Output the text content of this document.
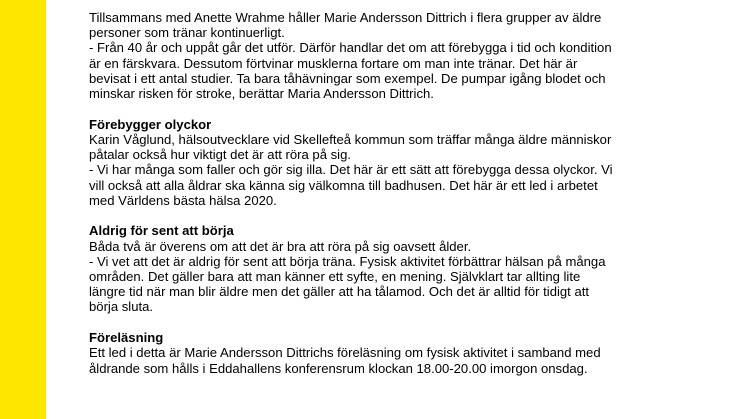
Tillsammans med Anette Wrahme håller Marie Andersson Dittrich i flera grupper av äldre

personer som tränar kontinuerligt.

- Från 40 år och uppåt går det utför. Därför handlar det om att förebygga i tid och kondition

är en färskvara. Dessutom förtvinar musklerna fortare om man inte tränar. Det här är

bevisat i ett antal studier. Ta bara tåhävningar som exempel. De pumpar igång blodet och

minskar risken för stroke, berättar Maria Andersson Dittrich.

Förebygger olyckor

Karin Våglund, hälsoutvecklare vid Skellefteå kommun som träffar många äldre människor

påtalar också hur viktigt det är att röra på sig.

- Vi har många som faller och gör sig illa. Det här är ett sätt att förebygga dessa olyckor. Vi

vill också att alla åldrar ska känna sig välkomna till badhusen. Det här är ett led i arbetet

med Världens bästa hälsa 2020.

Aldrig för sent att börja

Båda två är överens om att det är bra att röra på sig oavsett ålder.

- Vi vet att det är aldrig för sent att börja träna. Fysisk aktivitet förbättrar hälsan på många

områden. Det gäller bara att man känner ett syfte, en mening. Självklart tar allting lite

längre tid när man blir äldre men det gäller att ha tålamod. Och det är alltid för tidigt att

börja sluta.

Föreläsning

Ett led i detta är Marie Andersson Dittrichs föreläsning om fysisk aktivitet i samband med

åldrande som hålls i Eddahallens konferensrum klockan 18.00-20.00 imorgon onsdag.
